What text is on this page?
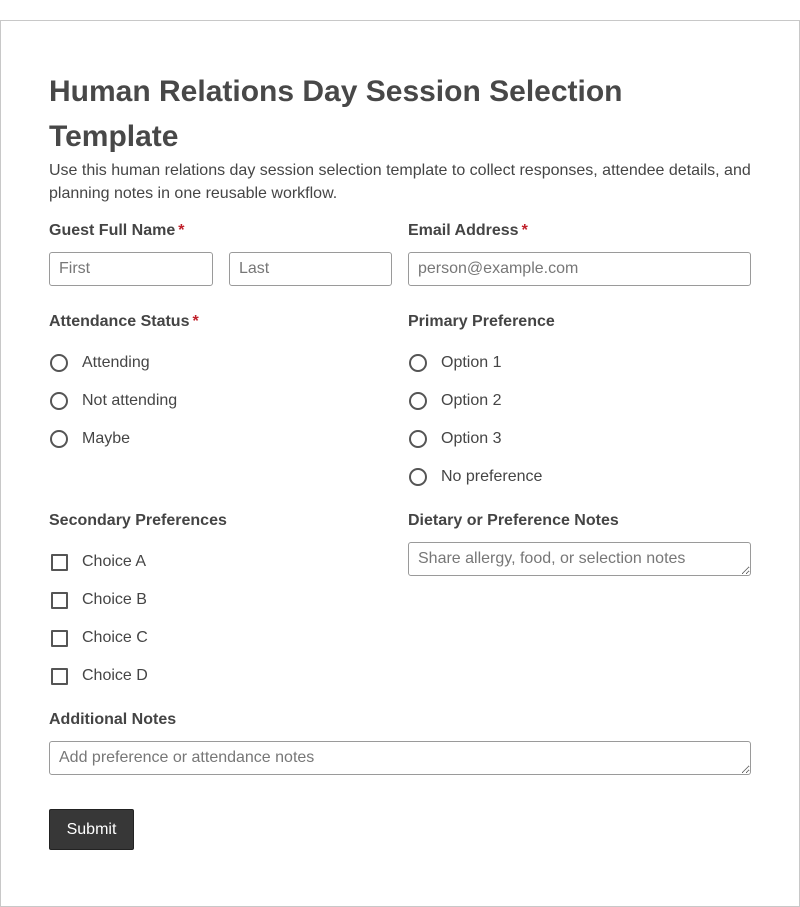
Human Relations Day Session Selection Template

Use this human relations day session selection template to collect responses, attendee details, and planning notes in one reusable workflow.

Guest Full Name *
First
Last	Email Address *
person@example.com
Attendance Status *
Attending
Not attending
Maybe
Primary Preference
Option 1
Option 2
Option 3
No preference
Secondary Preferences
Choice A
Choice B
Choice C
Choice D
Dietary or Preference Notes
Share allergy, food, or selection notes
Additional Notes
Add preference or attendance notes
Submit
